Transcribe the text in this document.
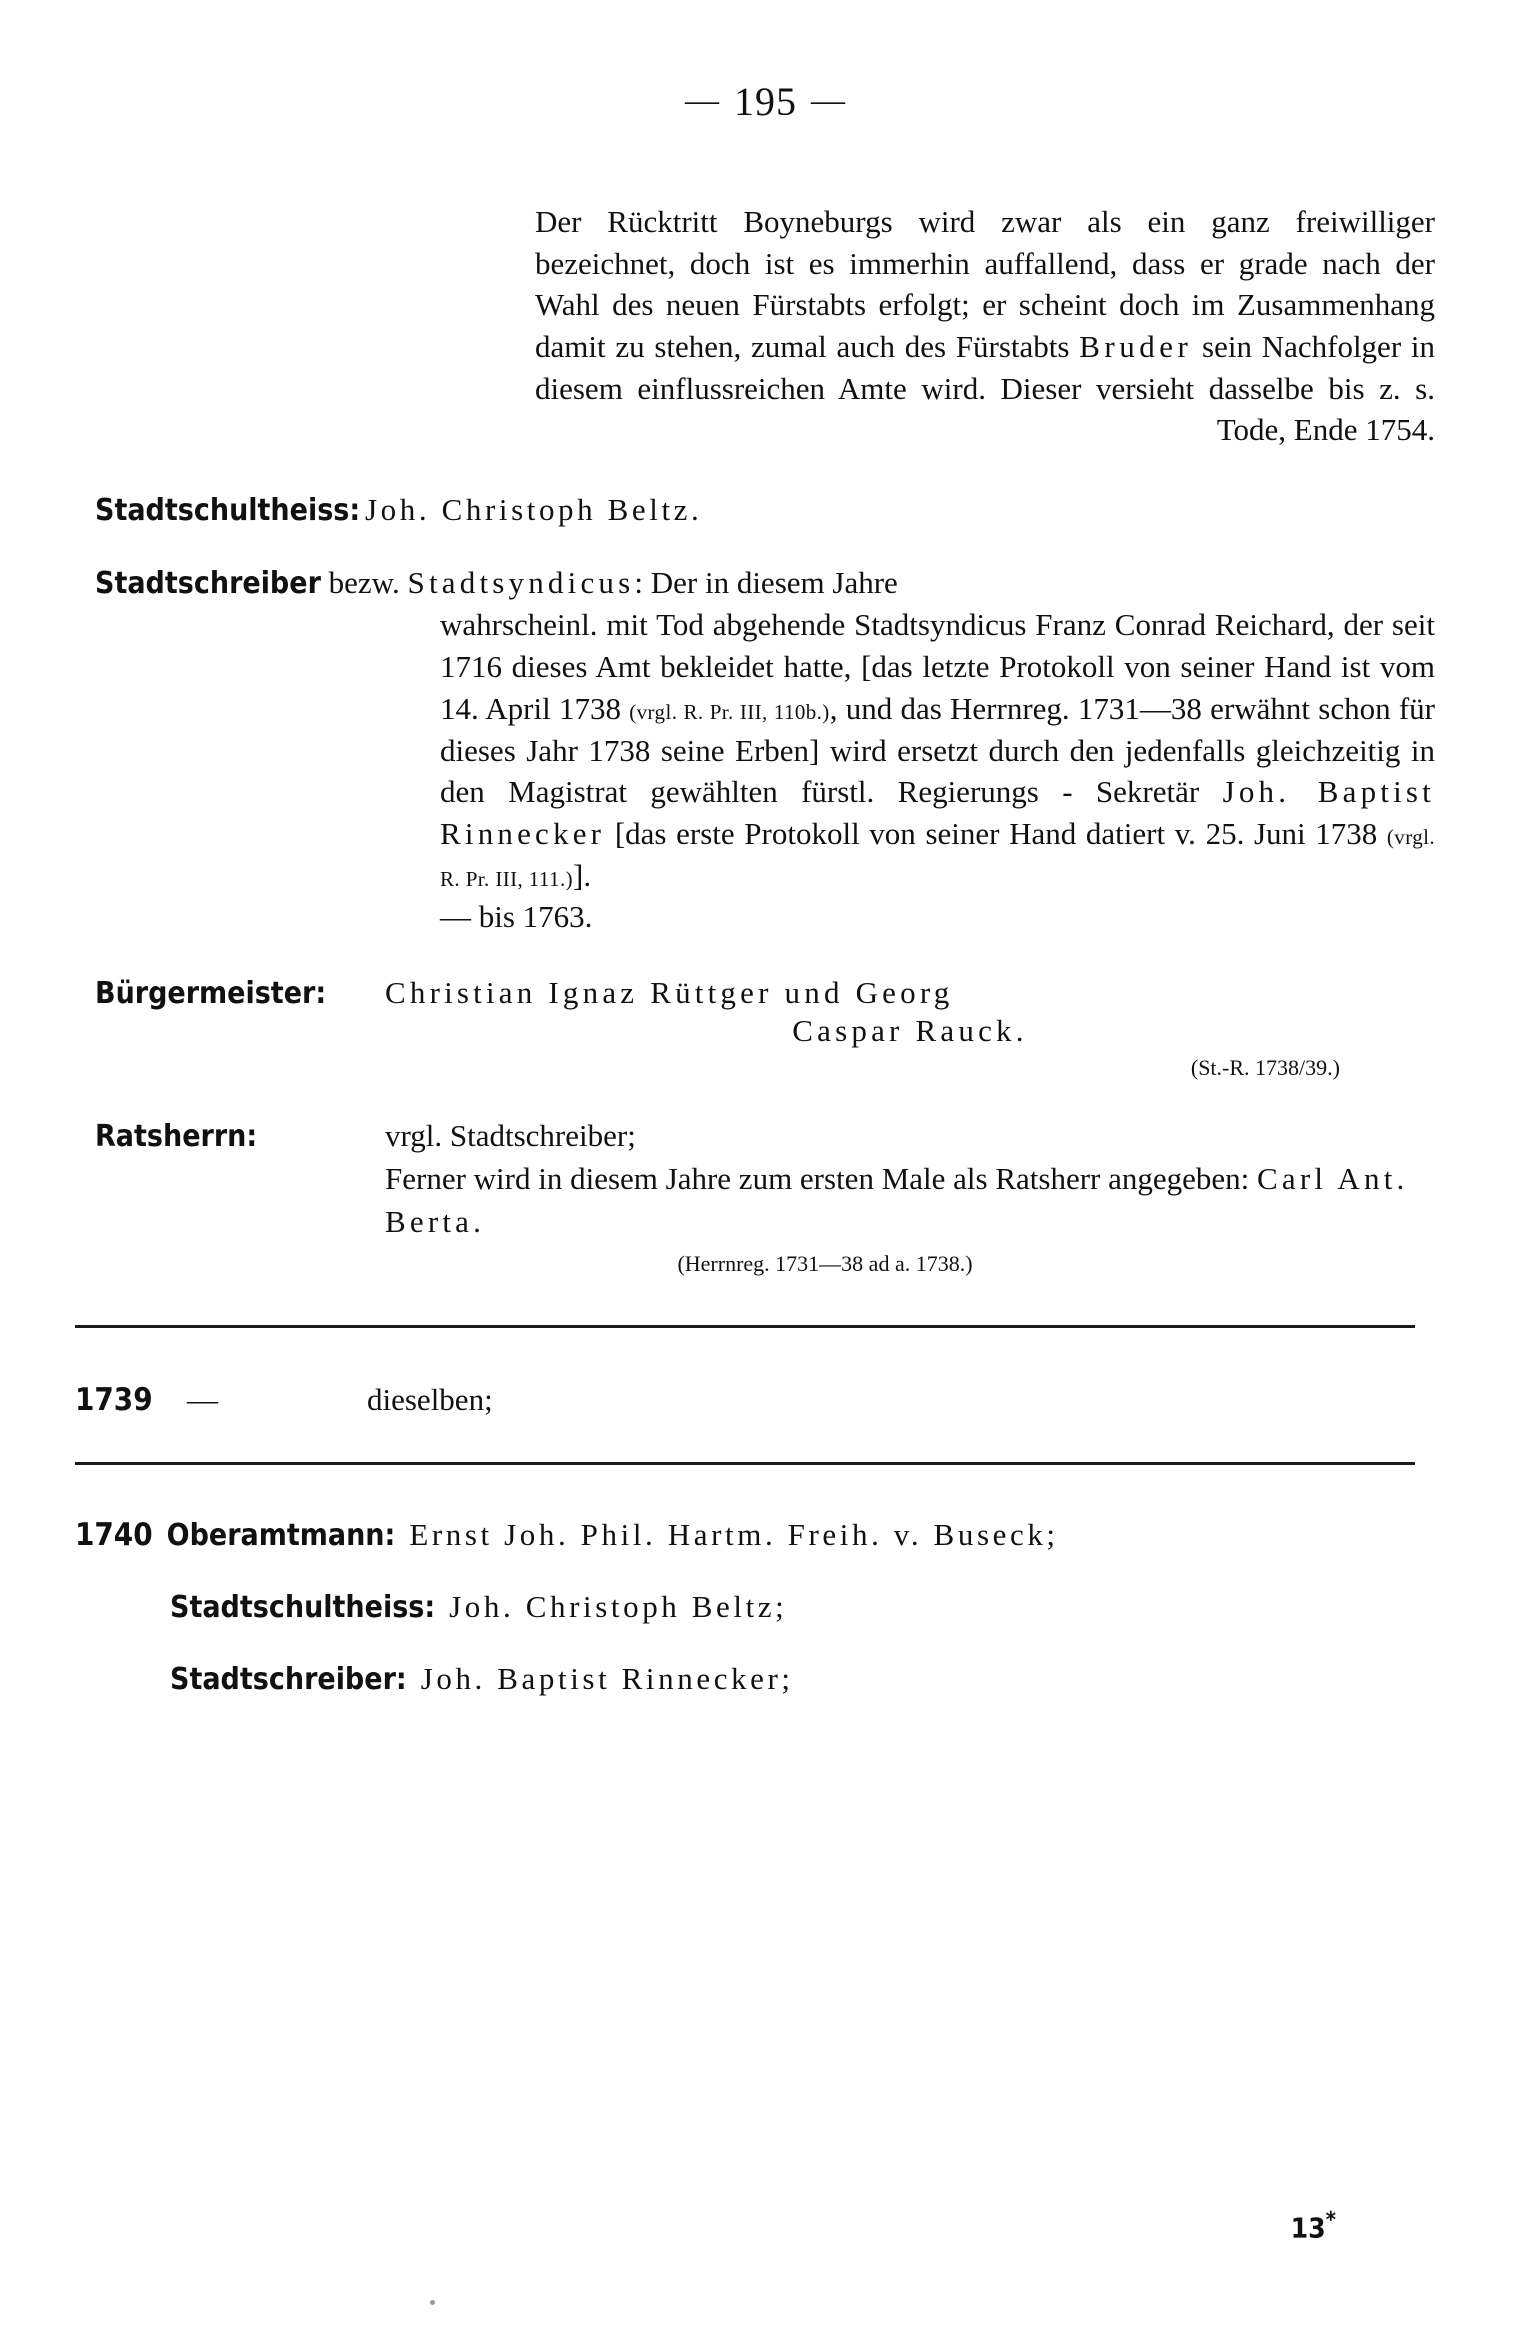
— 195 —

Der Rücktritt Boyneburgs wird zwar als ein ganz freiwilliger bezeichnet, doch ist es immerhin auffallend, dass er grade nach der Wahl des neuen Fürstabts erfolgt; er scheint doch im Zusammenhang damit zu stehen, zumal auch des Fürstabts Bruder sein Nachfolger in diesem einflussreichen Amte wird. Dieser versieht dasselbe bis z. s. Tode, Ende 1754.

Stadtschultheiss: Joh. Christoph Beltz.
Stadtschreiber bezw. Stadtsyndicus: Der in diesem Jahre
wahrscheinl. mit Tod abgehende Stadtsyndicus Franz Conrad Reichard, der seit 1716 dieses Amt bekleidet hatte, [das letzte Protokoll von seiner Hand ist vom 14. April 1738 (vrgl. R. Pr. III, 110b.), und das Herrnreg. 1731—38 erwähnt schon für dieses Jahr 1738 seine Erben] wird ersetzt durch den jedenfalls gleichzeitig in den Magistrat gewählten fürstl. Regierungs - Sekretär Joh. Baptist Rinnecker [das erste Protokoll von seiner Hand datiert v. 25. Juni 1738 (vrgl. R. Pr. III, 111.)].
— bis 1763.
Bürgermeister:	Christian Ignaz Rüttger und Georg
Caspar Rauck.
(St.-R. 1738/39.)
Ratsherrn:	vrgl. Stadtschreiber;
Ferner wird in diesem Jahre zum ersten Male als Ratsherr angegeben: Carl Ant. Berta.
(Herrnreg. 1731—38 ad a. 1738.)
1739	—	dieselben;
1740 Oberamtmann: Ernst Joh. Phil. Hartm. Freih. v. Buseck;
Stadtschultheiss: Joh. Christoph Beltz;
Stadtschreiber: Joh. Baptist Rinnecker;
13*
